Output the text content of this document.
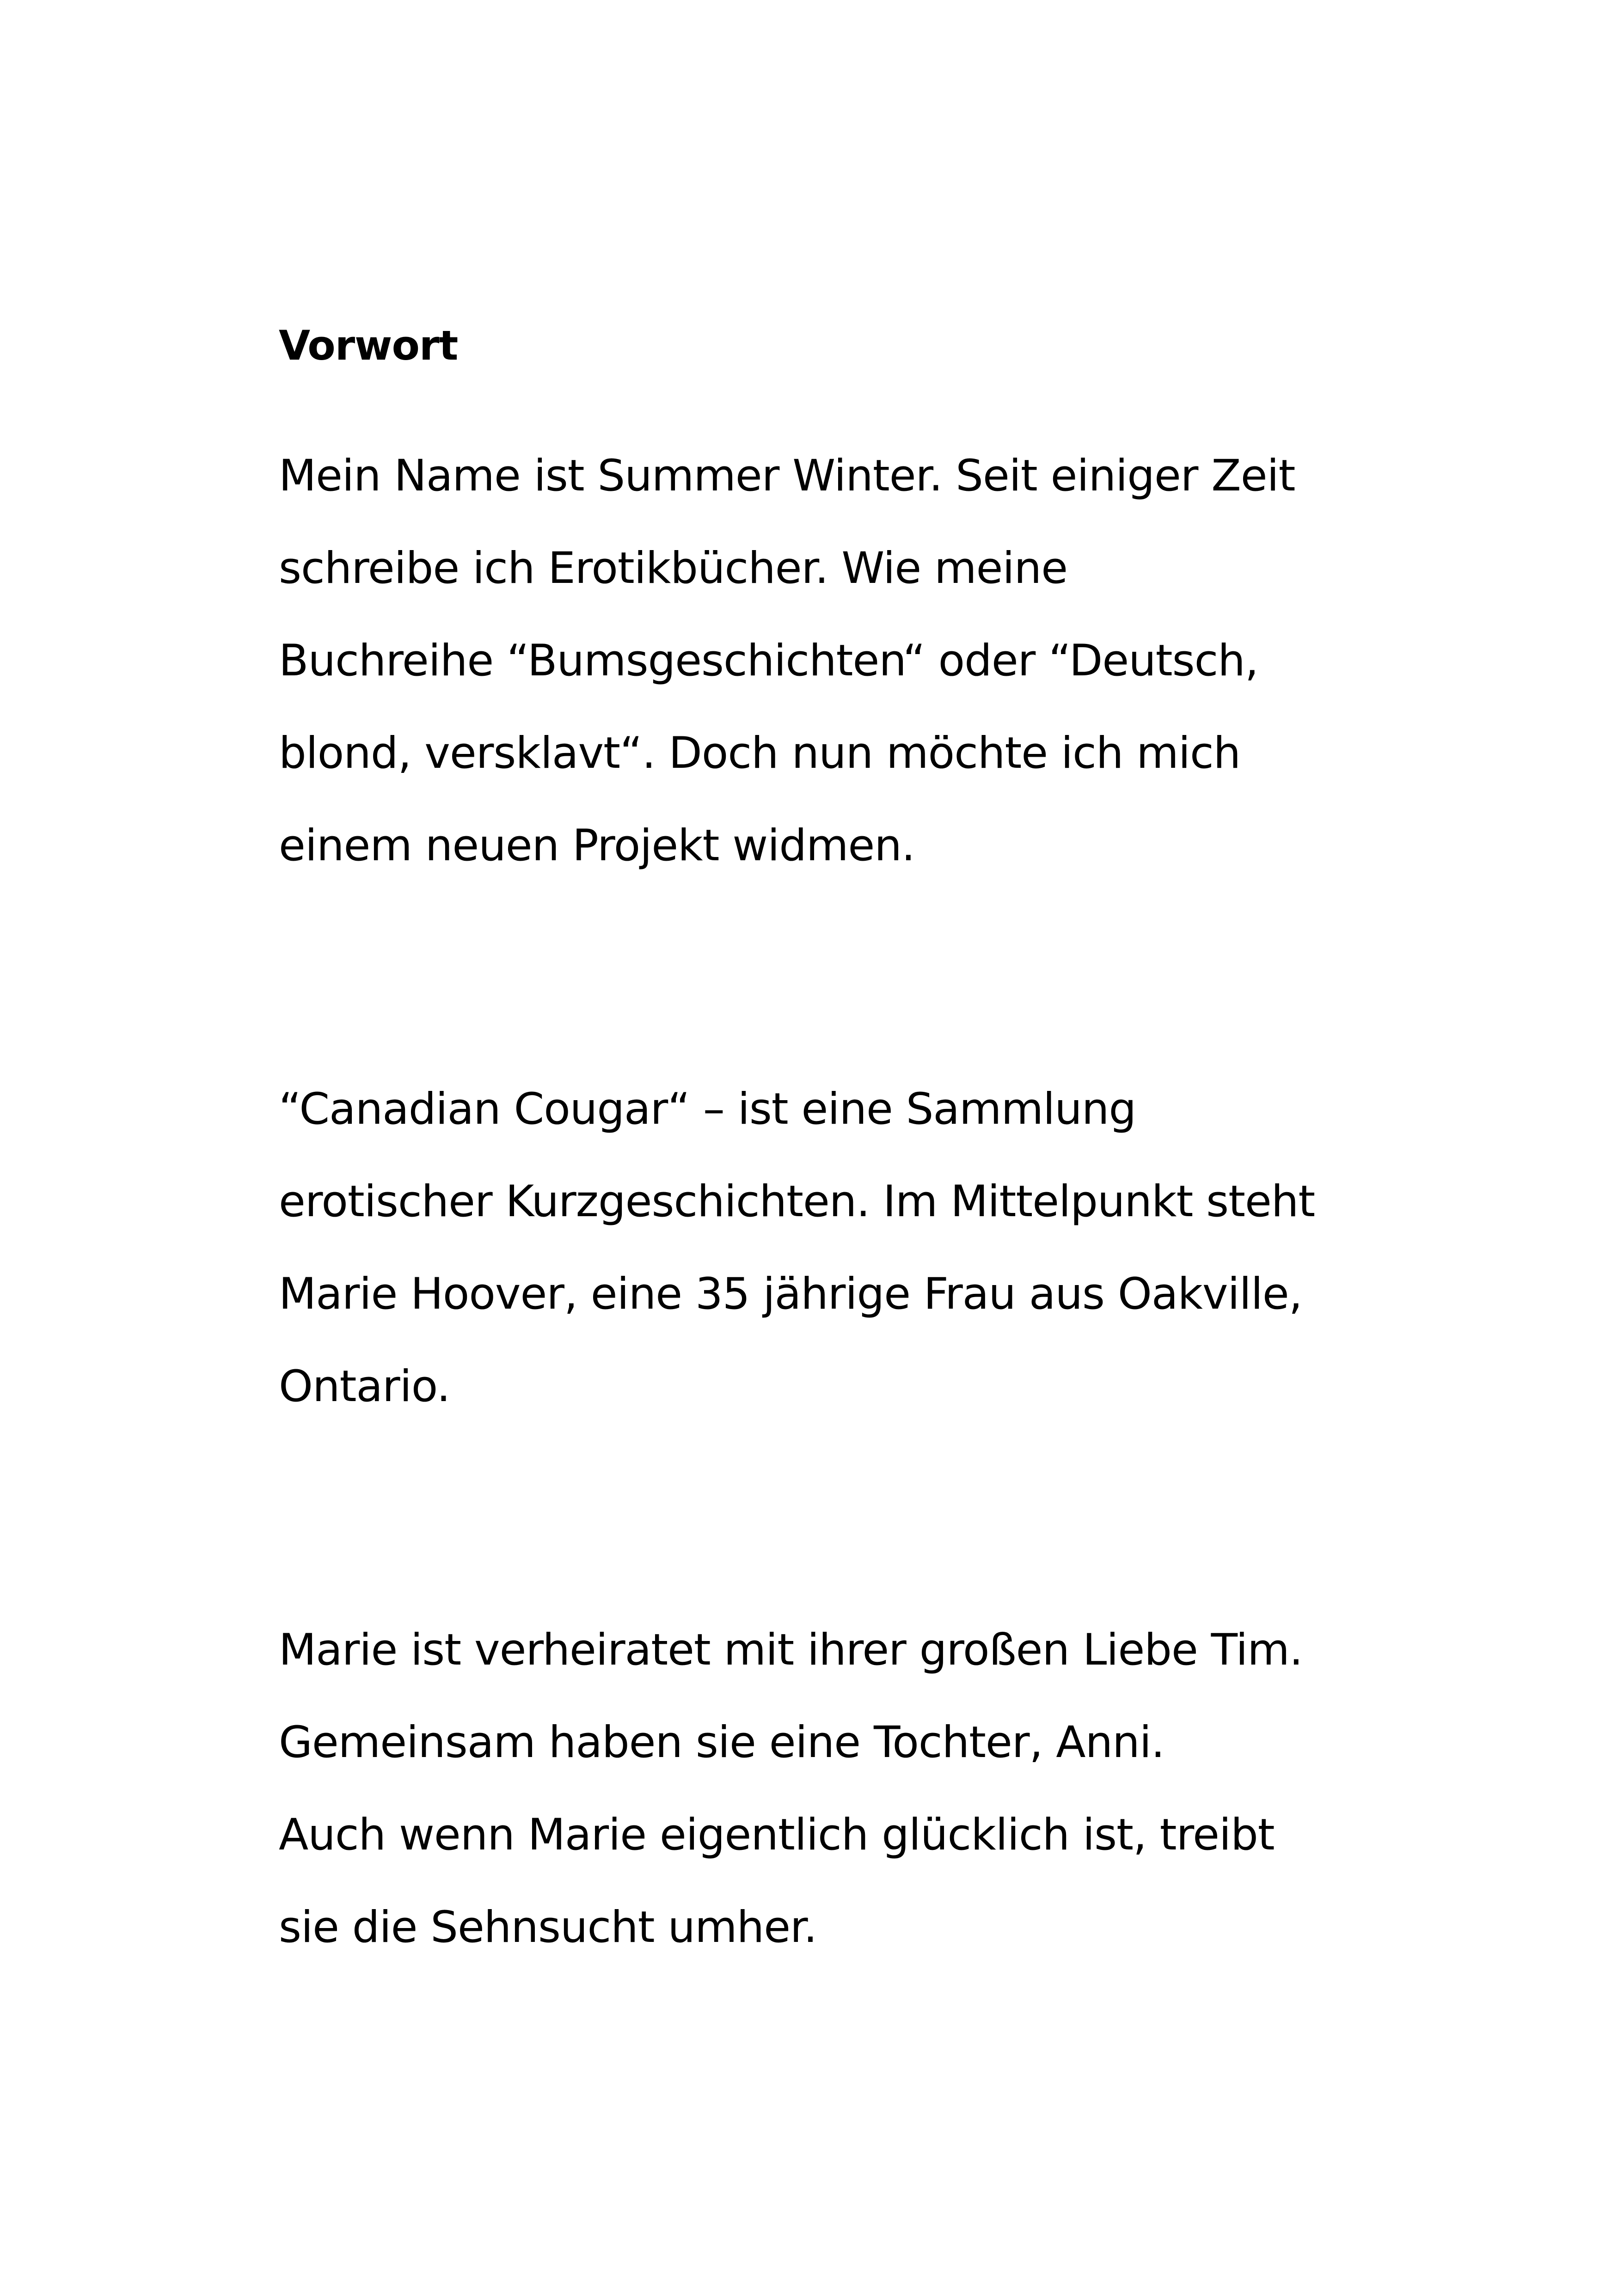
Vorwort

Mein Name ist Summer Winter. Seit einiger Zeit

schreibe ich Erotikbücher. Wie meine

Buchreihe “Bumsgeschichten“ oder “Deutsch,

blond, versklavt“. Doch nun möchte ich mich

einem neuen Projekt widmen.

“Canadian Cougar“ – ist eine Sammlung

erotischer Kurzgeschichten. Im Mittelpunkt steht

Marie Hoover, eine 35 jährige Frau aus Oakville,

Ontario.

Marie ist verheiratet mit ihrer großen Liebe Tim.

Gemeinsam haben sie eine Tochter, Anni.

Auch wenn Marie eigentlich glücklich ist, treibt

sie die Sehnsucht umher.
